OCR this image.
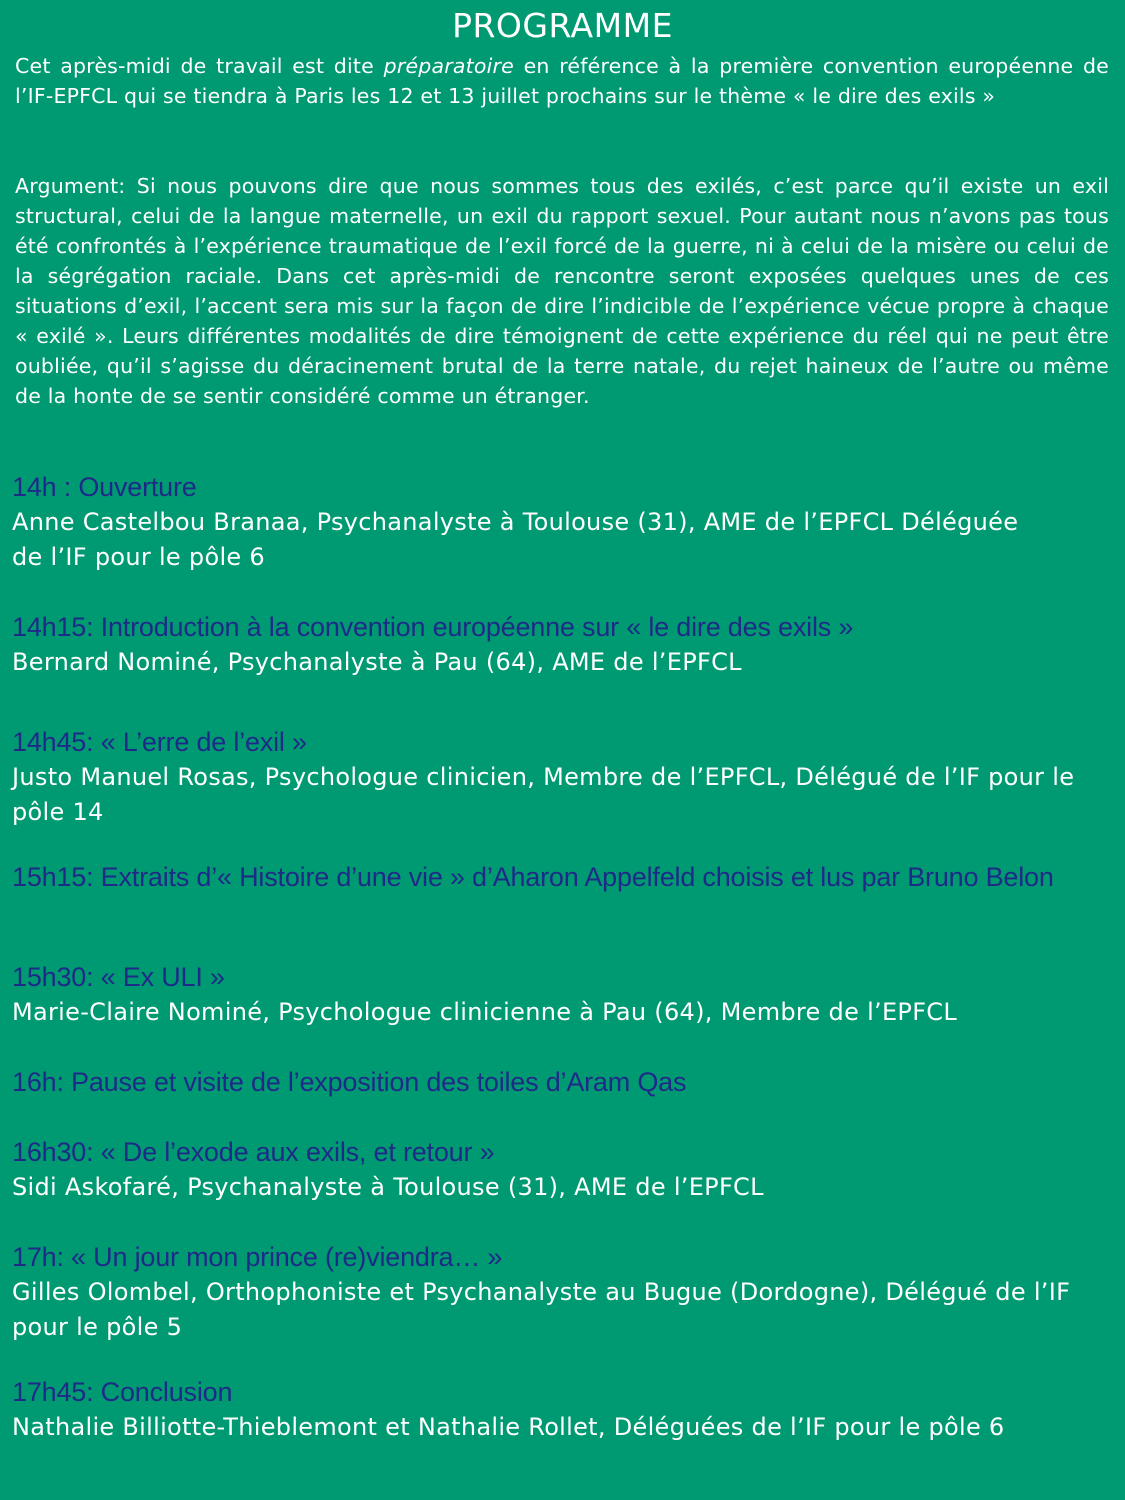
PROGRAMME
Cet après-midi de travail est dite préparatoire en référence à la première convention européenne de l’IF-EPFCL qui se tiendra à Paris les 12 et 13 juillet prochains sur le thème « le dire des exils »
Argument: Si nous pouvons dire que nous sommes tous des exilés, c’est parce qu’il existe un exil structural, celui de la langue maternelle, un exil du rapport sexuel. Pour autant nous n’avons pas tous été confrontés à l’expérience traumatique de l’exil forcé de la guerre, ni à celui de la misère ou celui de la ségrégation raciale. Dans cet après-midi de rencontre seront exposées quelques unes de ces situations d’exil, l’accent sera mis sur la façon de dire l’indicible de l’expérience vécue propre à chaque « exilé ». Leurs différentes modalités de dire témoignent de cette expérience du réel qui ne peut être oubliée, qu’il s’agisse du déracinement brutal de la terre natale, du rejet haineux de l’autre ou même de la honte de se sentir considéré comme un étranger.
14h : Ouverture
Anne Castelbou Branaa, Psychanalyste à Toulouse (31), AME de l’EPFCL Déléguée de l’IF pour le pôle 6
14h15: Introduction à la convention européenne sur « le dire des exils »
Bernard Nominé, Psychanalyste à Pau (64), AME de l’EPFCL
14h45: « L’erre de l’exil »
Justo Manuel Rosas, Psychologue clinicien, Membre de l’EPFCL, Délégué de l’IF pour le pôle 14
15h15: Extraits d’« Histoire d’une vie » d’Aharon Appelfeld choisis et lus par Bruno Belon
15h30: « Ex ULI »
Marie-Claire Nominé, Psychologue clinicienne à Pau (64), Membre de l’EPFCL
16h: Pause et visite de l’exposition des toiles d’Aram Qas
16h30: « De l’exode aux exils, et retour »
Sidi Askofaré, Psychanalyste à Toulouse (31), AME de l’EPFCL
17h: « Un jour mon prince (re)viendra… »
Gilles Olombel, Orthophoniste et Psychanalyste au Bugue (Dordogne), Délégué de l’IF pour le pôle 5
17h45: Conclusion
Nathalie Billiotte-Thieblemont et Nathalie Rollet, Déléguées de l’IF pour le pôle 6
